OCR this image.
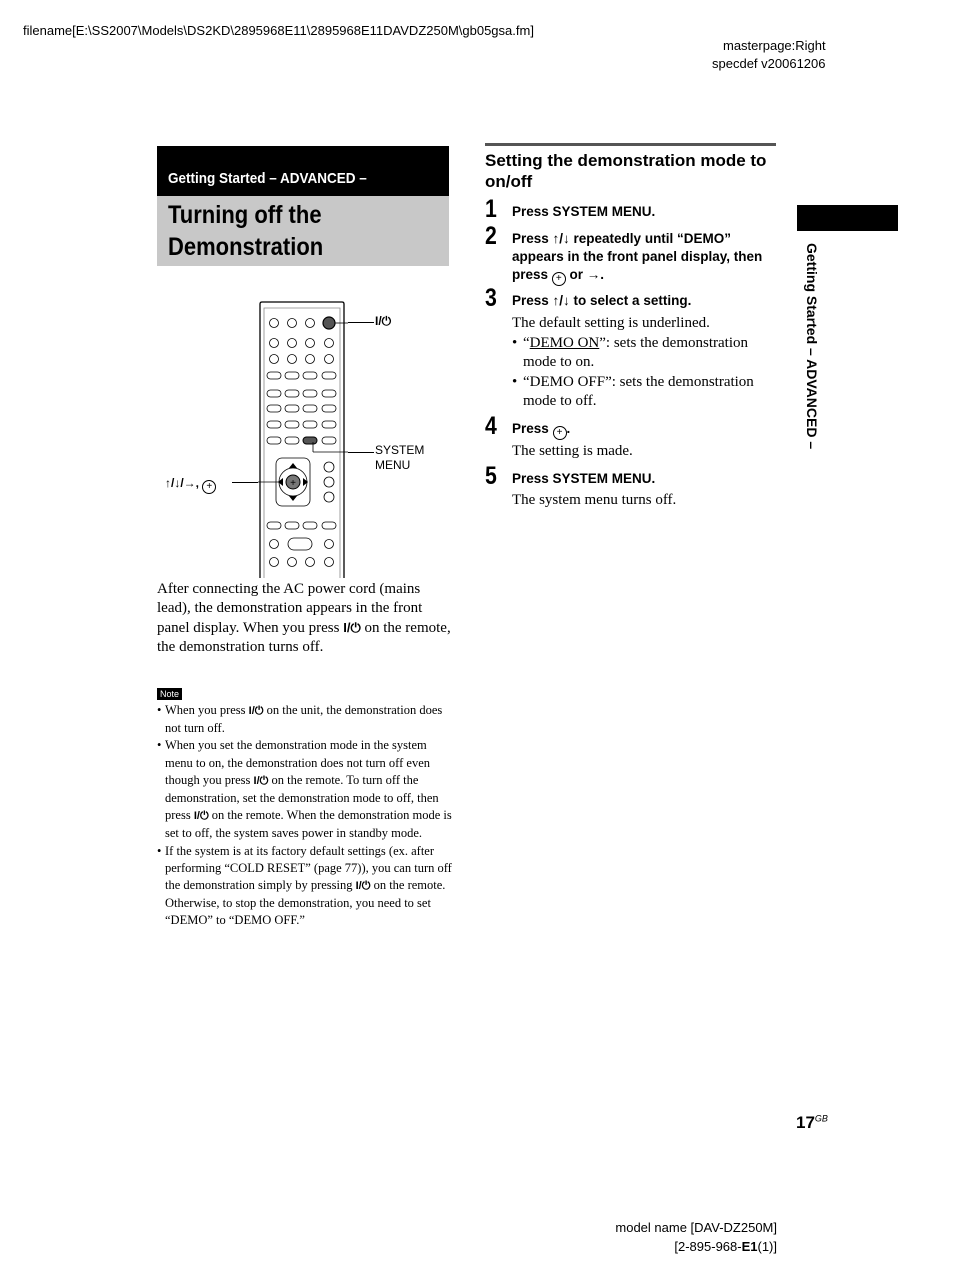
filename[E:\SS2007\Models\DS2KD\2895968E11\2895968E11DAVDZ250M\gb05gsa.fm]
masterpage:Right
specdef v20061206
Getting Started – ADVANCED –
Turning off the
Demonstration
+
I/⏻
SYSTEM
MENU
↑/↓/→, +
After connecting the AC power cord (mains lead), the demonstration appears in the front panel display. When you press I/⏻ on the remote, the demonstration turns off.
Note
• When you press I/⏻ on the unit, the demonstration does not turn off.
• When you set the demonstration mode in the system menu to on, the demonstration does not turn off even though you press I/⏻ on the remote. To turn off the demonstration, set the demonstration mode to off, then press I/⏻ on the remote. When the demonstration mode is set to off, the system saves power in standby mode.
• If the system is at its factory default settings (ex. after performing “COLD RESET” (page 77)), you can turn off the demonstration simply by pressing I/⏻ on the remote. Otherwise, to stop the demonstration, you need to set “DEMO” to “DEMO OFF.”
Setting the demonstration mode to on/off
1 Press SYSTEM MENU.
2 Press ↑/↓ repeatedly until “DEMO”
appears in the front panel display, then
press + or →.
3 Press ↑/↓ to select a setting.
The default setting is underlined.
• “DEMO ON”: sets the demonstration mode to on.
• “DEMO OFF”: sets the demonstration mode to off.
4 Press + .
The setting is made.
5 Press SYSTEM MENU.
The system menu turns off.
Getting Started – ADVANCED –
$17^{GB}$
model name [DAV-DZ250M]
[2-895-968-E1(1)]
